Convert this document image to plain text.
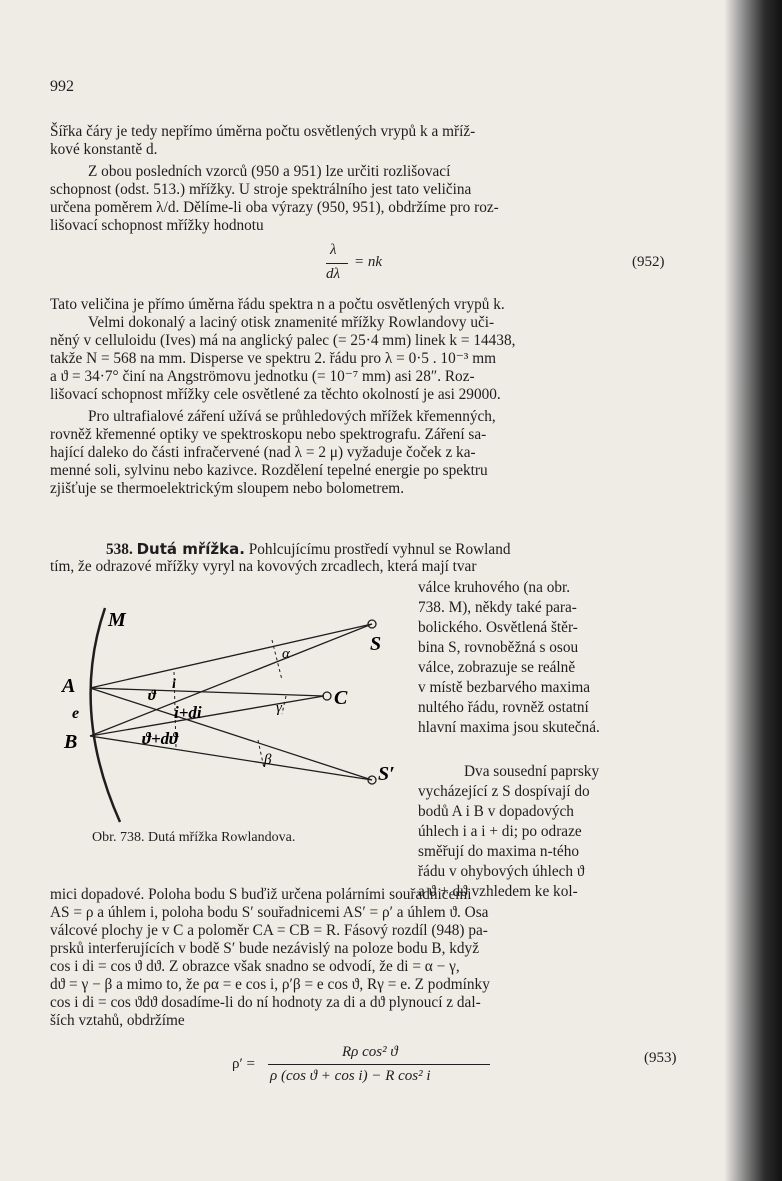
992
Šířka čáry je tedy nepřímo úměrna počtu osvětlených vrypů k a mříž-
kové konstantě d.
Z obou posledních vzorců (950 a 951) lze určiti rozlišovací
schopnost (odst. 513.) mřížky. U stroje spektrálního jest tato veličina
určena poměrem λ/d. Dělíme-li oba výrazy (950, 951), obdržíme pro roz-
lišovací schopnost mřížky hodnotu
λ
dλ
= nk	(952)
Tato veličina je přímo úměrna řádu spektra n a počtu osvětlených vrypů k.
Velmi dokonalý a laciný otisk znamenité mřížky Rowlandovy uči-
něný v celluloidu (Ives) má na anglický palec (= 25·4 mm) linek k = 14438,
takže N = 568 na mm. Disperse ve spektru 2. řádu pro λ = 0·5 . 10⁻³ mm
a ϑ = 34·7° činí na Angströmovu jednotku (= 10⁻⁷ mm) asi 28″. Roz-
lišovací schopnost mřížky cele osvětlené za těchto okolností je asi 29000.
Pro ultrafialové záření užívá se průhledových mřížek křemenných,
rovněž křemenné optiky ve spektroskopu nebo spektrografu. Záření sa-
hající daleko do části infračervené (nad λ = 2 μ) vyžaduje čoček z ka-
menné soli, sylvinu nebo kazivce. Rozdělení tepelné energie po spektru
zjišťuje se thermoelektrickým sloupem nebo bolometrem.
538. Dutá mřížka. Pohlcujícímu prostředí vyhnul se Rowland
tím, že odrazové mřížky vyryl na kovových zrcadlech, která mají tvar
válce kruhového (na obr.
738. M), někdy také para-
bolického. Osvětlená štěr-
bina S, rovnoběžná s osou
válce, zobrazuje se reálně
v místě bezbarvého maxima
nultého řádu, rovněž ostatní
hlavní maxima jsou skutečná.
Dva sousední paprsky
vycházející z S dospívají do
bodů A i B v dopadových
úhlech i a i + di; po odraze
směřují do maxima n-tého
řádu v ohybových úhlech ϑ
a ϑ + dϑ vzhledem ke kol-
M
S
C
S′
A
B
e
α
γ
β
ϑ
i
i+di
ϑ+dϑ
Obr. 738. Dutá mřížka Rowlandova.
mici dopadové. Poloha bodu S buďiž určena polárními souřadnicemi
AS = ρ a úhlem i, poloha bodu S′ souřadnicemi AS′ = ρ′ a úhlem ϑ. Osa
válcové plochy je v C a poloměr CA = CB = R. Fásový rozdíl (948) pa-
prsků interferujících v bodě S′ bude nezávislý na poloze bodu B, když
cos i di = cos ϑ dϑ. Z obrazce však snadno se odvodí, že di = α − γ,
dϑ = γ − β a mimo to, že ρα = e cos i, ρ′β = e cos ϑ, Rγ = e. Z podmínky
cos i di = cos ϑdϑ dosadíme-li do ní hodnoty za di a dϑ plynoucí z dal-
ších vztahů, obdržíme
ρ′ =
Rρ cos² ϑ
ρ (cos ϑ + cos i) − R cos² i
(953)
